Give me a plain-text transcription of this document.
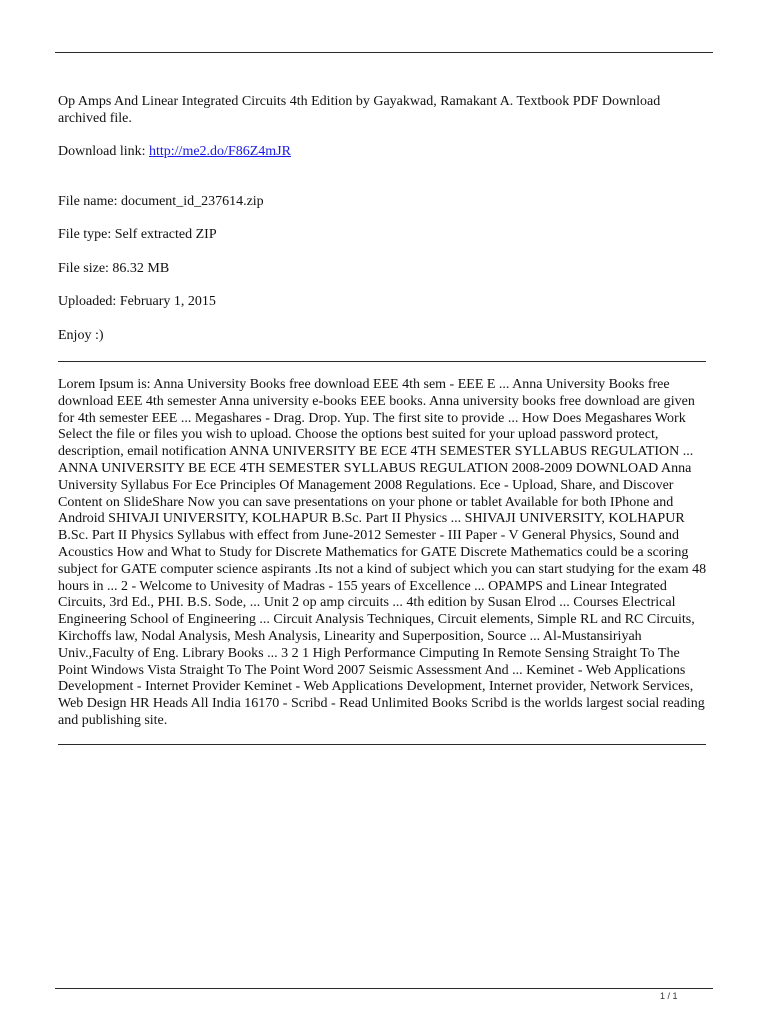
Op Amps And Linear Integrated Circuits 4th Edition by Gayakwad, Ramakant A. Textbook PDF Download archived file.

Download link: http://me2.do/F86Z4mJR

File name: document_id_237614.zip

File type: Self extracted ZIP

File size: 86.32 MB

Uploaded: February 1, 2015

Enjoy :)

Lorem Ipsum is: Anna University Books free download EEE 4th sem - EEE E ... Anna University Books free download EEE 4th semester Anna university e-books EEE books. Anna university books free download are given for 4th semester EEE ... Megashares - Drag. Drop. Yup. The first site to provide ... How Does Megashares Work Select the file or files you wish to upload. Choose the options best suited for your upload password protect, description, email notification ANNA UNIVERSITY BE ECE 4TH SEMESTER SYLLABUS REGULATION ... ANNA UNIVERSITY BE ECE 4TH SEMESTER SYLLABUS REGULATION 2008-2009 DOWNLOAD Anna University Syllabus For Ece Principles Of Management 2008 Regulations. Ece - Upload, Share, and Discover Content on SlideShare Now you can save presentations on your phone or tablet Available for both IPhone and Android SHIVAJI UNIVERSITY, KOLHAPUR B.Sc. Part II Physics ... SHIVAJI UNIVERSITY, KOLHAPUR B.Sc. Part II Physics Syllabus with effect from June-2012 Semester - III Paper - V General Physics, Sound and Acoustics How and What to Study for Discrete Mathematics for GATE Discrete Mathematics could be a scoring subject for GATE computer science aspirants .Its not a kind of subject which you can start studying for the exam 48 hours in ... 2 - Welcome to Univesity of Madras - 155 years of Excellence ... OPAMPS and Linear Integrated Circuits, 3rd Ed., PHI. B.S. Sode, ... Unit 2 op amp circuits ... 4th edition by Susan Elrod ... Courses Electrical Engineering School of Engineering ... Circuit Analysis Techniques, Circuit elements, Simple RL and RC Circuits, Kirchoffs law, Nodal Analysis, Mesh Analysis, Linearity and Superposition, Source ... Al-Mustansiriyah Univ.,Faculty of Eng. Library Books ... 3 2 1 High Performance Cimputing In Remote Sensing Straight To The Point Windows Vista Straight To The Point Word 2007 Seismic Assessment And ... Keminet - Web Applications Development - Internet Provider Keminet - Web Applications Development, Internet provider, Network Services, Web Design HR Heads All India 16170 - Scribd - Read Unlimited Books Scribd is the worlds largest social reading and publishing site.

1 / 1
